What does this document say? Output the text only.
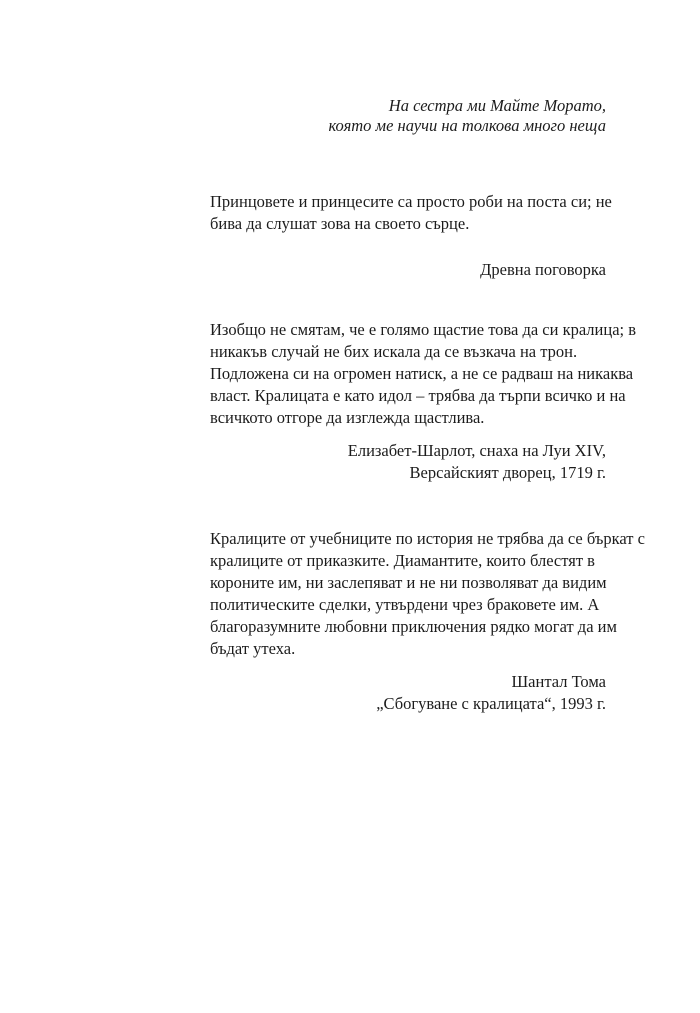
На сестра ми Майте Морато,
която ме научи на толкова много неща

Принцовете и принцесите са просто роби на поста си; не
бива да слушат зова на своето сърце.

Древна поговорка

Изобщо не смятам, че е голямо щастие това да си кралица; в
никакъв случай не бих искала да се възкача на трон.
Подложена си на огромен натиск, а не се радваш на никаква
власт. Кралицата е като идол – трябва да търпи всичко и на
всичкото отгоре да изглежда щастлива.

Елизабет-Шарлот, снаха на Луи XIV,
Версайският дворец, 1719 г.

Кралиците от учебниците по история не трябва да се бъркат с
кралиците от приказките. Диамантите, които блестят в
короните им, ни заслепяват и не ни позволяват да видим
политическите сделки, утвърдени чрез браковете им. А
благоразумните любовни приключения рядко могат да им
бъдат утеха.

Шантал Тома
„Сбогуване с кралицата“, 1993 г.
